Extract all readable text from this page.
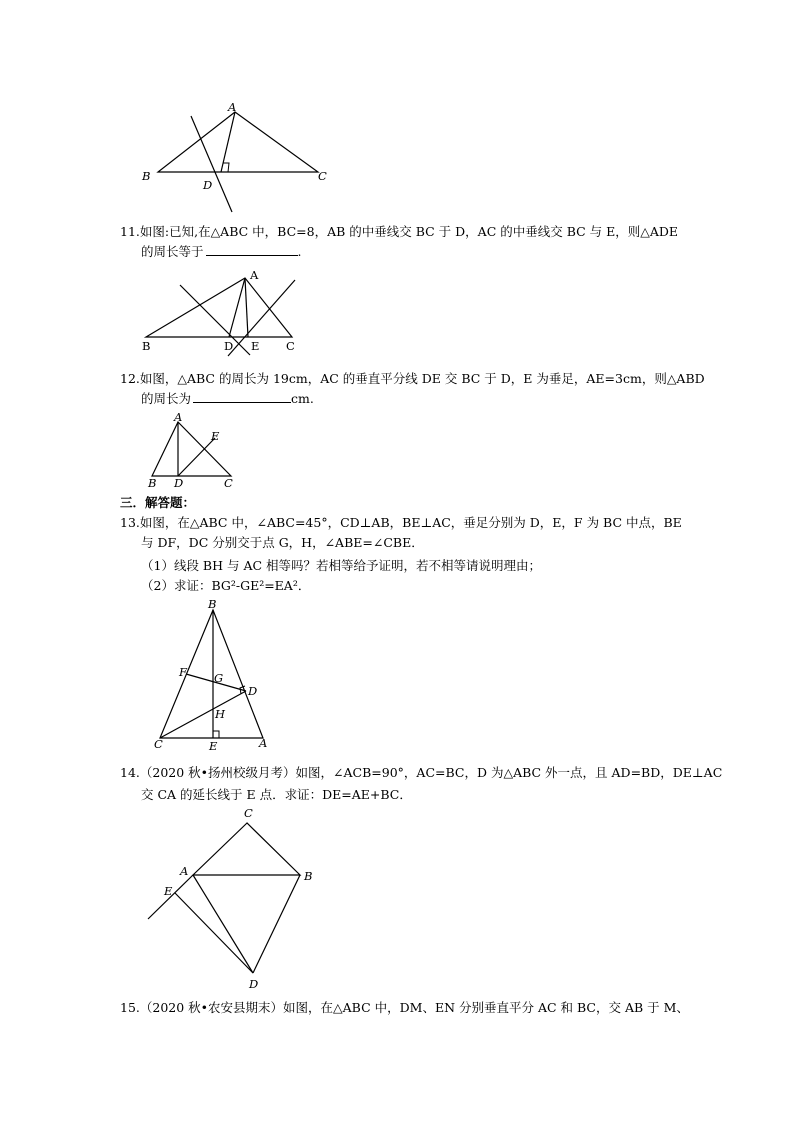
A
B	C
D
11.如图:已知,在△ABC 中，BC=8，AB 的中垂线交 BC 于 D，AC 的中垂线交 BC 与 E，则△ADE
的周长等于	.
A
B	C
D E
12.如图，△ABC 的周长为 19cm，AC 的垂直平分线 DE 交 BC 于 D，E 为垂足，AE=3cm，则△ABD
的周长为	cm.
A
B	C
D
E
三．解答题：
13.如图，在△ABC 中，∠ABC=45°，CD⊥AB，BE⊥AC，垂足分别为 D，E，F 为 BC 中点，BE
与 DF，DC 分别交于点 G，H，∠ABE=∠CBE．
（1）线段 BH 与 AC 相等吗？若相等给予证明，若不相等请说明理由；
（2）求证：BG²-GE²=EA²．
B
F G
D
H
C	E	A
14.（2020 秋•扬州校级月考）如图，∠ACB=90°，AC=BC，D 为△ABC 外一点，且 AD=BD，DE⊥AC
交 CA 的延长线于 E 点．求证：DE=AE+BC．
C
A	B
E
D
15.（2020 秋•农安县期末）如图，在△ABC 中，DM、EN 分别垂直平分 AC 和 BC，交 AB 于 M、
